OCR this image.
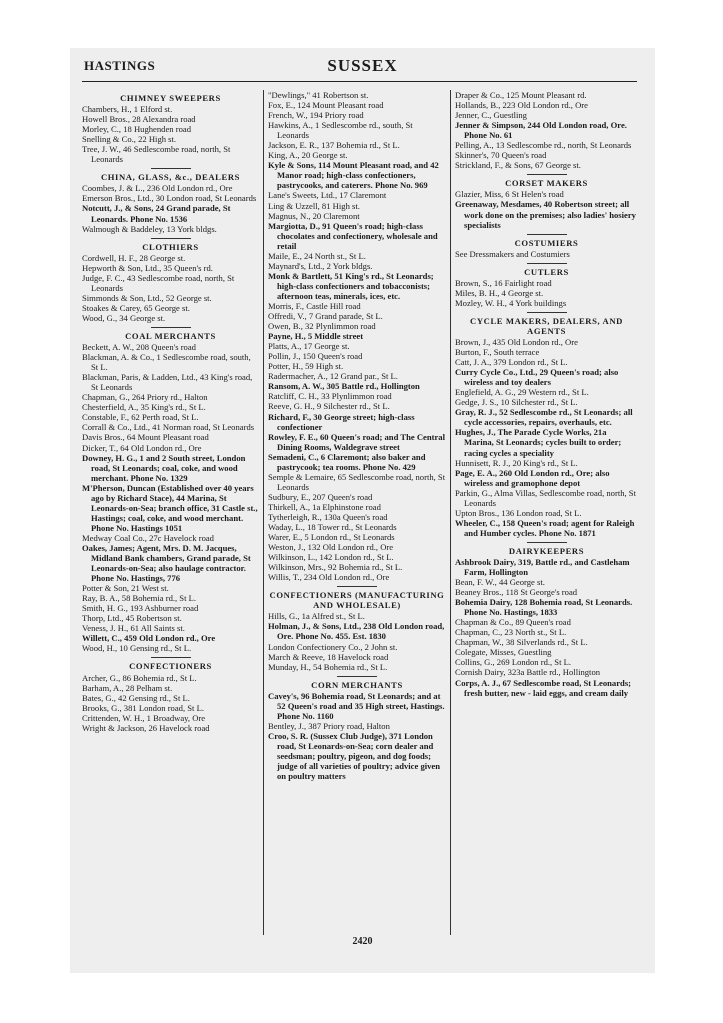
HASTINGS	SUSSEX
CHIMNEY SWEEPERS
Chambers, H., 1 Elford st.
Howell Bros., 28 Alexandra road
Morley, C., 18 Hughenden road
Snelling & Co., 22 High st.
Tree, J. W., 46 Sedlescombe road, north, St Leonards
CHINA, GLASS, &c., DEALERS
Coombes, J. & L., 236 Old London rd., Ore
Emerson Bros., Ltd., 30 London road, St Leonards
Notcutt, J., & Sons, 24 Grand parade, St Leonards. Phone No. 1536
Walmough & Baddeley, 13 York bldgs.
CLOTHIERS
Cordwell, H. F., 28 George st.
Hepworth & Son, Ltd., 35 Queen's rd.
Judge, F. C., 43 Sedlescombe road, north, St Leonards
Simmonds & Son, Ltd., 52 George st.
Stoakes & Carey, 65 George st.
Wood, G., 34 George st.
COAL MERCHANTS
Beckett, A. W., 208 Queen's road
Blackman, A. & Co., 1 Sedlescombe road, south, St L.
Blackman, Paris, & Ladden, Ltd., 43 King's road, St Leonards
Chapman, G., 264 Priory rd., Halton
Chesterfield, A., 35 King's rd., St L.
Constable, F., 62 Perth road, St L.
Corrall & Co., Ltd., 41 Norman road, St Leonards
Davis Bros., 64 Mount Pleasant road
Dicker, T., 64 Old London rd., Ore
Downey, H. G., 1 and 2 South street, London road, St Leonards; coal, coke, and wood merchant. Phone No. 1329
M'Pherson, Duncan (Established over 40 years ago by Richard Stace), 44 Marina, St Leonards-on-Sea; branch office, 31 Castle st., Hastings; coal, coke, and wood merchant. Phone No. Hastings 1051
Medway Coal Co., 27c Havelock road
Oakes, James; Agent, Mrs. D. M. Jacques, Midland Bank chambers, Grand parade, St Leonards-on-Sea; also haulage contractor. Phone No. Hastings, 776
Potter & Son, 21 West st.
Ray, B. A., 58 Bohemia rd., St L.
Smith, H. G., 193 Ashburner road
Thorp, Ltd., 45 Robertson st.
Veness, J. H., 61 All Saints st.
Willett, C., 459 Old London rd., Ore
Wood, H., 10 Gensing rd., St L.
CONFECTIONERS
Archer, G., 86 Bohemia rd., St L.
Barham, A., 28 Pelham st.
Bates, G., 42 Gensing rd., St L.
Brooks, G., 381 London road, St L.
Crittenden, W. H., 1 Broadway, Ore
Wright & Jackson, 26 Havelock road
"Dewlings," 41 Robertson st.
Fox, E., 124 Mount Pleasant road
French, W., 194 Priory road
Hawkins, A., 1 Sedlescombe rd., south, St Leonards
Jackson, E. R., 137 Bohemia rd., St L.
King, A., 20 George st.
Kyle & Sons, 114 Mount Pleasant road, and 42 Manor road; high-class confectioners, pastrycooks, and caterers. Phone No. 969
Lane's Sweets, Ltd., 17 Claremont
Ling & Uzzell, 81 High st.
Magnus, N., 20 Claremont
Margiotta, D., 91 Queen's road; high-class chocolates and confectionery, wholesale and retail
Maile, E., 24 North st., St L.
Maynard's, Ltd., 2 York bldgs.
Monk & Bartlett, 51 King's rd., St Leonards; high-class confectioners and tobacconists; afternoon teas, minerals, ices, etc.
Morris, F., Castle Hill road
Offredi, V., 7 Grand parade, St L.
Owen, B., 32 Plynlimmon road
Payne, H., 5 Middle street
Platts, A., 17 George st.
Pollin, J., 150 Queen's road
Potter, H., 59 High st.
Radermacher, A., 12 Grand par., St L.
Ransom, A. W., 305 Battle rd., Hollington
Ratcliff, C. H., 33 Plynlimmon road
Reeve, G. H., 9 Silchester rd., St L.
Richard, F., 30 George street; high-class confectioner
Rowley, F. E., 60 Queen's road; and The Central Dining Rooms, Waldegrave street
Semadeni, C., 6 Claremont; also baker and pastrycook; tea rooms. Phone No. 429
Semple & Lemaire, 65 Sedlescombe road, north, St Leonards
Sudbury, E., 207 Queen's road
Thirkell, A., 1a Elphinstone road
Tytherleigh, R., 130a Queen's road
Waday, L., 18 Tower rd., St Leonards
Warer, E., 5 London rd., St Leonards
Weston, J., 132 Old London rd., Ore
Wilkinson, L., 142 London rd., St L.
Wilkinson, Mrs., 92 Bohemia rd., St L.
Willis, T., 234 Old London rd., Ore
CONFECTIONERS (MANUFACTURING AND WHOLESALE)
Hills, G., 1a Alfred st., St L.
Holman, J., & Sons, Ltd., 238 Old London road, Ore. Phone No. 455. Est. 1830
London Confectionery Co., 2 John st.
March & Reeve, 18 Havelock road
Munday, H., 54 Bohemia rd., St L.
CORN MERCHANTS
Cavey's, 96 Bohemia road, St Leonards; and at 52 Queen's road and 35 High street, Hastings. Phone No. 1160
Bentley, J., 387 Priory road, Halton
Croo, S. R. (Sussex Club Judge), 371 London road, St Leonards-on-Sea; corn dealer and seedsman; poultry, pigeon, and dog foods; judge of all varieties of poultry; advice given on poultry matters
Draper & Co., 125 Mount Pleasant rd.
Hollands, B., 223 Old London rd., Ore
Jenner, C., Guestling
Jenner & Simpson, 244 Old London road, Ore. Phone No. 61
Pelling, A., 13 Sedlescombe rd., north, St Leonards
Skinner's, 70 Queen's road
Strickland, F., & Sons, 67 George st.
CORSET MAKERS
Glazier, Miss, 6 St Helen's road
Greenaway, Mesdames, 40 Robertson street; all work done on the premises; also ladies' hosiery specialists
COSTUMIERS
See Dressmakers and Costumiers
CUTLERS
Brown, S., 16 Fairlight road
Miles, B. H., 4 George st.
Mozley, W. H., 4 York buildings
CYCLE MAKERS, DEALERS, AND AGENTS
Brown, J., 435 Old London rd., Ore
Burton, F., South terrace
Catt, J. A., 379 London rd., St L.
Curry Cycle Co., Ltd., 29 Queen's road; also wireless and toy dealers
Englefield, A. G., 29 Western rd., St L.
Gedge, J. S., 10 Silchester rd., St L.
Gray, R. J., 52 Sedlescombe rd., St Leonards; all cycle accessories, repairs, overhauls, etc.
Hughes, J., The Parade Cycle Works, 21a Marina, St Leonards; cycles built to order; racing cycles a speciality
Hunnisett, R. J., 20 King's rd., St L.
Page, E. A., 260 Old London rd., Ore; also wireless and gramophone depot
Parkin, G., Alma Villas, Sedlescombe road, north, St Leonards
Upton Bros., 136 London road, St L.
Wheeler, C., 158 Queen's road; agent for Raleigh and Humber cycles. Phone No. 1871
DAIRYKEEPERS
Ashbrook Dairy, 319, Battle rd., and Castleham Farm, Hollington
Bean, F. W., 44 George st.
Beaney Bros., 118 St George's road
Bohemia Dairy, 128 Bohemia road, St Leonards. Phone No. Hastings, 1833
Chapman & Co., 89 Queen's road
Chapman, C., 23 North st., St L.
Chapman, W., 38 Silverlands rd., St L.
Colegate, Misses, Guestling
Collins, G., 269 London rd., St L.
Cornish Dairy, 323a Battle rd., Hollington
Corps, A. J., 67 Sedlescombe road, St Leonards; fresh butter, new - laid eggs, and cream daily
2420
